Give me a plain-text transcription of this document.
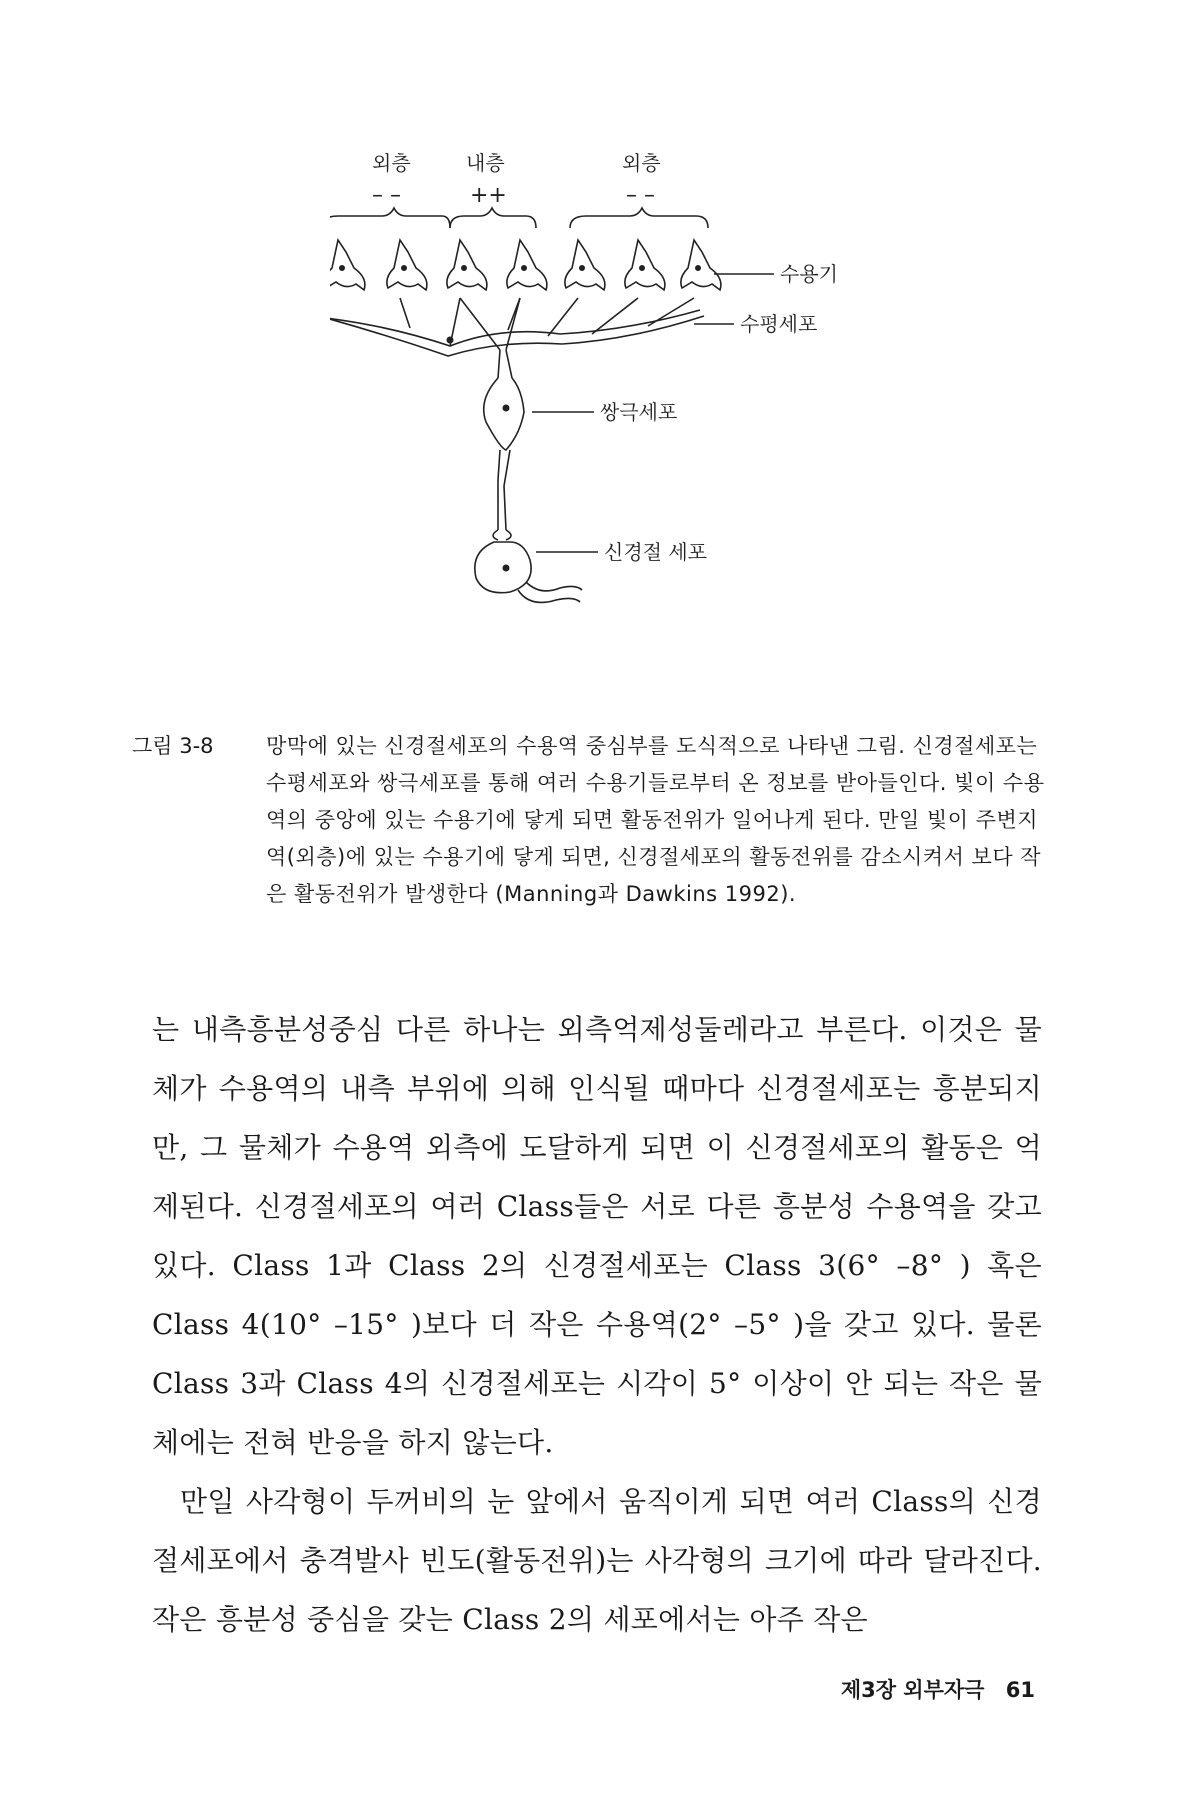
외층	내층	외층
– –	++	– –
수용기
수평세포
쌍극세포
신경절 세포
그림 3-8 망막에 있는 신경절세포의 수용역 중심부를 도식적으로 나타낸 그림. 신경절세포는 수평세포와 쌍극세포를 통해 여러 수용기들로부터 온 정보를 받아들인다. 빛이 수용역의 중앙에 있는 수용기에 닿게 되면 활동전위가 일어나게 된다. 만일 빛이 주변지역(외층)에 있는 수용기에 닿게 되면, 신경절세포의 활동전위를 감소시켜서 보다 작은 활동전위가 발생한다 (Manning과 Dawkins 1992).

는 내측흥분성중심 다른 하나는 외측억제성둘레라고 부른다. 이것은 물체가 수용역의 내측 부위에 의해 인식될 때마다 신경절세포는 흥분되지만, 그 물체가 수용역 외측에 도달하게 되면 이 신경절세포의 활동은 억제된다. 신경절세포의 여러 Class들은 서로 다른 흥분성 수용역을 갖고 있다. Class 1과 Class 2의 신경절세포는 Class 3(6° –8° ) 혹은 Class 4(10° –15° )보다 더 작은 수용역(2° –5° )을 갖고 있다. 물론 Class 3과 Class 4의 신경절세포는 시각이 5° 이상이 안 되는 작은 물체에는 전혀 반응을 하지 않는다.

만일 사각형이 두꺼비의 눈 앞에서 움직이게 되면 여러 Class의 신경절세포에서 충격발사 빈도(활동전위)는 사각형의 크기에 따라 달라진다. 작은 흥분성 중심을 갖는 Class 2의 세포에서는 아주 작은

제3장 외부자극 61
